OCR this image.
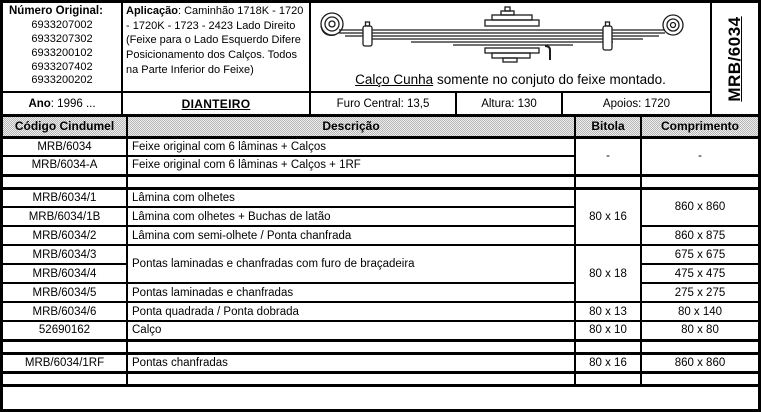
Número Original:
6933207002
6933207302
6933200102
6933207402
6933200202
Aplicação: Caminhão 1718K - 1720 - 1720K - 1723 - 2423 Lado Direito (Feixe para o Lado Esquerdo Difere Posicionamento dos Calços. Todos na Parte Inferior do Feixe)
Calço Cunha somente no conjuto do feixe montado.	MRB/6034
Ano : 1996 ...	DIANTEIRO	Furo Central: 13,5	Altura: 130	Apoios: 1720
Código Cindumel	Descrição	Bitola	Comprimento
MRB/6034	Feixe original com 6 lâminas + Calços	-	-
MRB/6034-A	Feixe original com 6 lâminas + Calços + 1RF		

MRB/6034/1	Lâmina com olhetes	80 x 16	860 x 860
MRB/6034/1B	Lâmina com olhetes + Buchas de latão		
MRB/6034/2	Lâmina com semi-olhete / Ponta chanfrada		860 x 875
MRB/6034/3	Pontas laminadas e chanfradas com furo de braçadeira	80 x 18	675 x 675
MRB/6034/4			475 x 475
MRB/6034/5	Pontas laminadas e chanfradas		275 x 275
MRB/6034/6	Ponta quadrada / Ponta dobrada	80 x 13	80 x 140
52690162	Calço	80 x 10	80 x 80

MRB/6034/1RF	Pontas chanfradas	80 x 16	860 x 860
